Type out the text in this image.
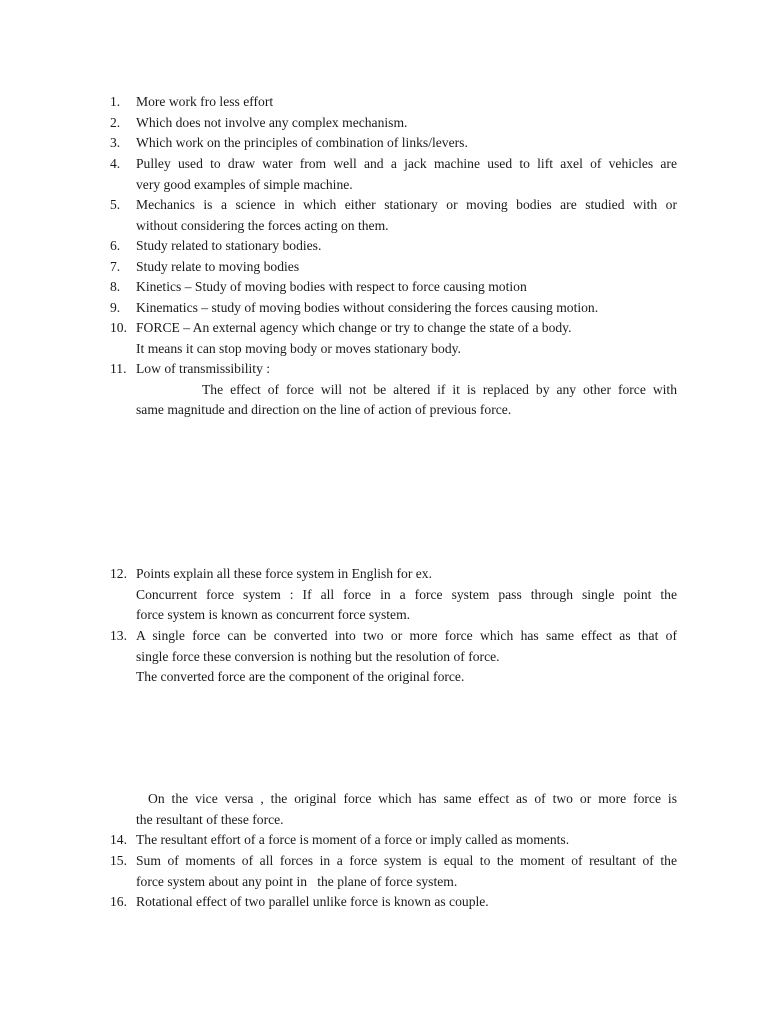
1.	More work fro less effort

2.	Which does not involve any complex mechanism.

3.	Which work on the principles of combination of links/levers.

4.	Pulley used to draw water from well and a jack machine used to lift axel of vehicles are

very good examples of simple machine.

5.	Mechanics is a science in which either stationary or moving bodies are studied with or

without considering the forces acting on them.

6.	Study related to stationary bodies.

7.	Study relate to moving bodies

8.	Kinetics – Study of moving bodies with respect to force causing motion

9.	Kinematics – study of moving bodies without considering the forces causing motion.

10. FORCE – An external agency which change or try to change the state of a body.

It means it can stop moving body or moves stationary body.

11. Low of transmissibility :

The effect of force will not be altered if it is replaced by any other force with

same magnitude and direction on the line of action of previous force.

12. Points explain all these force system in English for ex.

Concurrent force system : If all force in a force system pass through single point the

force system is known as concurrent force system.

13. A single force can be converted into two or more force which has same effect as that of

single force these conversion is nothing but the resolution of force.

The converted force are the component of the original force.

On the vice versa , the original force which has same effect as of two or more force is

the resultant of these force.

14. The resultant effort of a force is moment of a force or imply called as moments.

15. Sum of moments of all forces in a force system is equal to the moment of resultant of the

force system about any point in   the plane of force system.

16. Rotational effect of two parallel unlike force is known as couple.
